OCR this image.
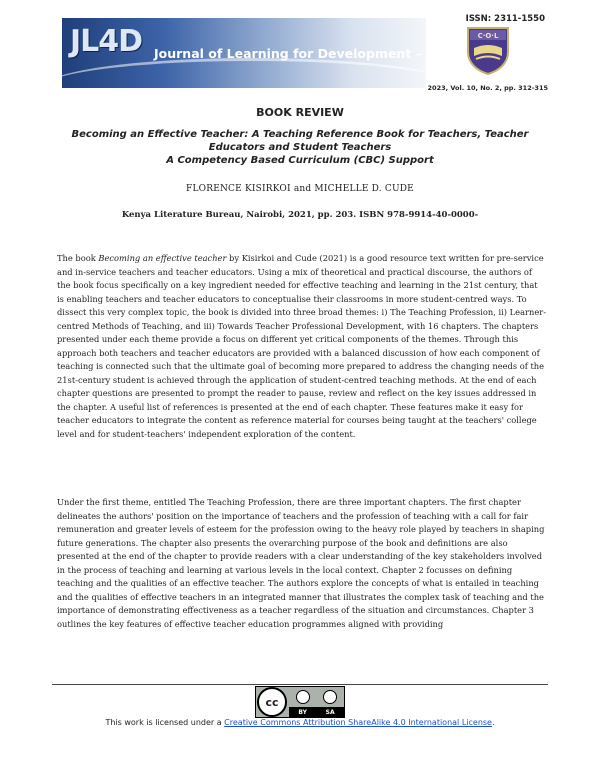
JL4D Journal of Learning for Development – JL4D
ISSN: 2311-1550
C·O·L
2023, Vol. 10, No. 2, pp. 312-315
BOOK REVIEW
Becoming an Effective Teacher: A Teaching Reference Book for Teachers, Teacher
Educators and Student Teachers
A Competency Based Curriculum (CBC) Support
FLORENCE KISIRKOI and MICHELLE D. CUDE
Kenya Literature Bureau, Nairobi, 2021, pp. 203. ISBN 978-9914-40-0000-

The book Becoming an effective teacher by Kisirkoi and Cude (2021) is a good resource text written for pre-service and in-service teachers and teacher educators. Using a mix of theoretical and practical discourse, the authors of the book focus specifically on a key ingredient needed for effective teaching and learning in the 21st century, that is enabling teachers and teacher educators to conceptualise their classrooms in more student-centred ways. To dissect this very complex topic, the book is divided into three broad themes: i) The Teaching Profession, ii) Learner-centred Methods of Teaching, and iii) Towards Teacher Professional Development, with 16 chapters. The chapters presented under each theme provide a focus on different yet critical components of the themes. Through this approach both teachers and teacher educators are provided with a balanced discussion of how each component of teaching is connected such that the ultimate goal of becoming more prepared to address the changing needs of the 21st-century student is achieved through the application of student-centred teaching methods. At the end of each chapter questions are presented to prompt the reader to pause, review and reflect on the key issues addressed in the chapter. A useful list of references is presented at the end of each chapter. These features make it easy for teacher educators to integrate the content as reference material for courses being taught at the teachers' college level and for student-teachers' independent exploration of the content.

Under the first theme, entitled The Teaching Profession, there are three important chapters. The first chapter delineates the authors' position on the importance of teachers and the profession of teaching with a call for fair remuneration and greater levels of esteem for the profession owing to the heavy role played by teachers in shaping future generations. The chapter also presents the overarching purpose of the book and definitions are also presented at the end of the chapter to provide readers with a clear understanding of the key stakeholders involved in the process of teaching and learning at various levels in the local context. Chapter 2 focusses on defining teaching and the qualities of an effective teacher. The authors explore the concepts of what is entailed in teaching and the qualities of effective teachers in an integrated manner that illustrates the complex task of teaching and the importance of demonstrating effectiveness as a teacher regardless of the situation and circumstances. Chapter 3 outlines the key features of effective teacher education programmes aligned with providing

cc
BY	SA
This work is licensed under a Creative Commons Attribution ShareAlike 4.0 International License.
